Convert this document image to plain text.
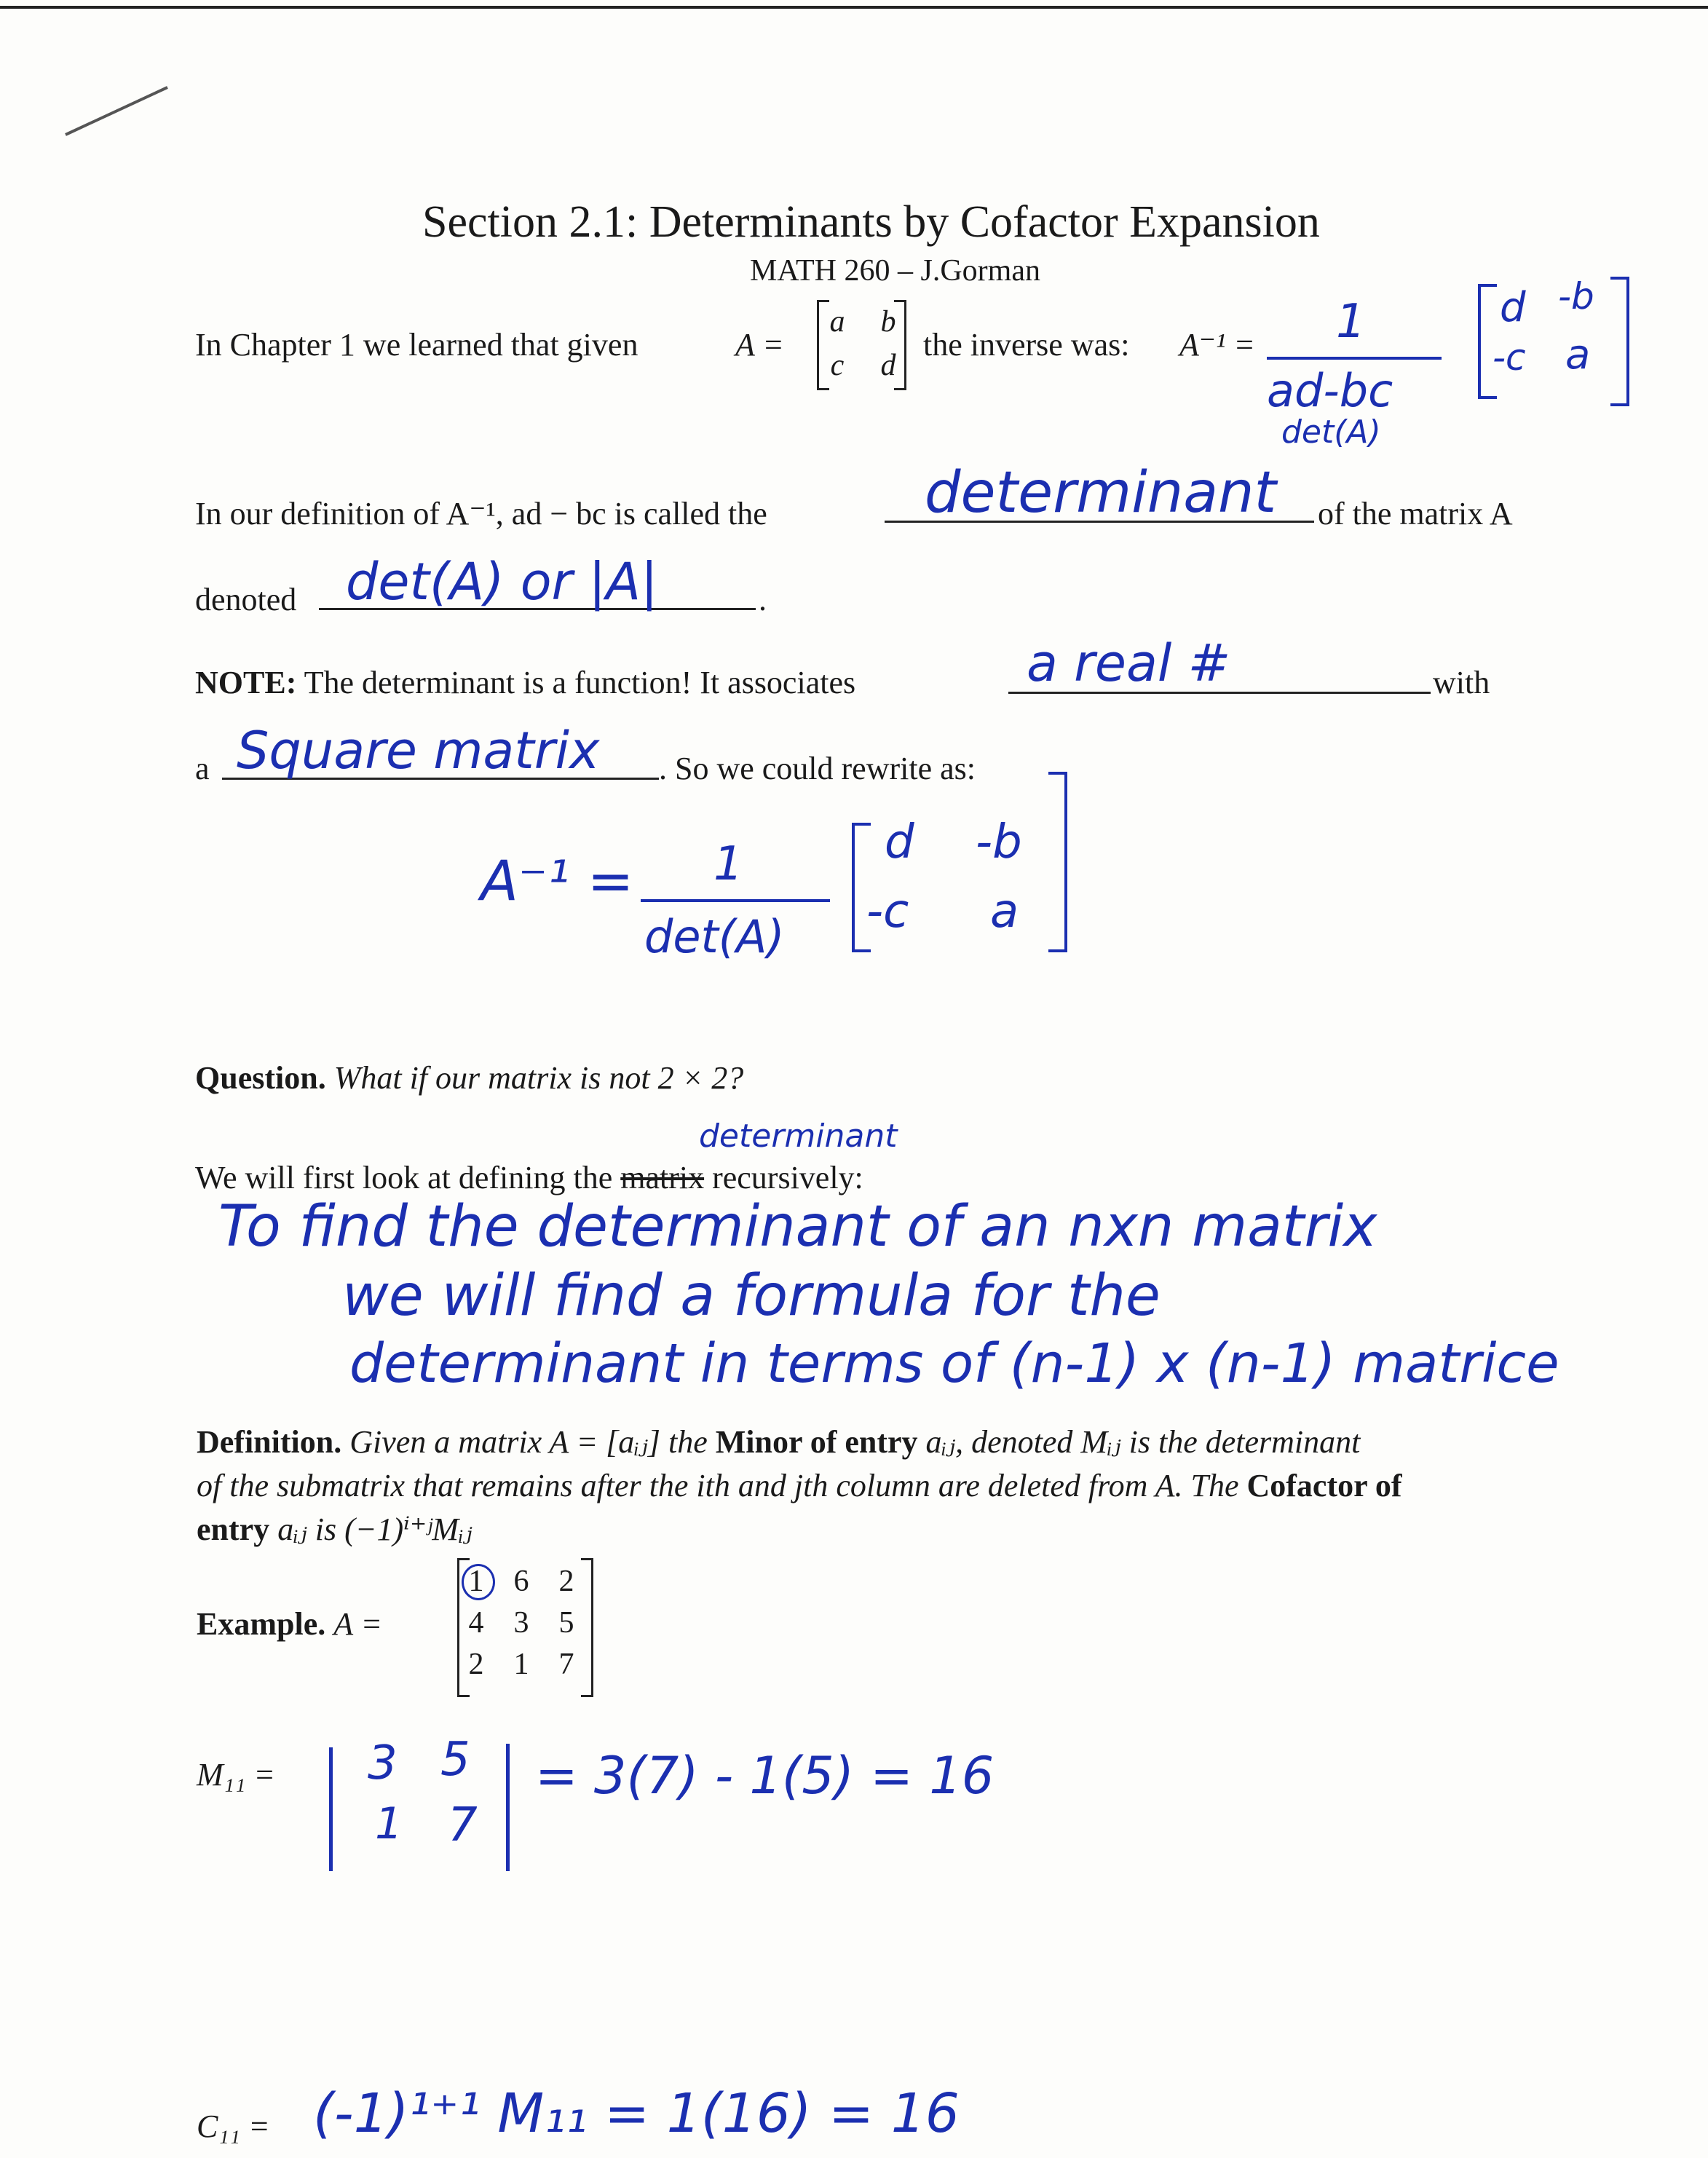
Section 2.1: Determinants by Cofactor Expansion
MATH 260 – J.Gorman
In Chapter 1 we learned that given	A =
a b
c d
the inverse was: A⁻¹ = 1
ad-bc
det(A)
d -b
-c a
In our definition of A⁻¹, ad − bc is called the	determinant of the matrix A
denoted det(A) or |A|	.
NOTE: The determinant is a function! It associates	a real #	with
a Square matrix . So we could rewrite as:
A⁻¹ = 1
det(A)
d -b
-c a
Question. What if our matrix is not 2 × 2?
determinant
We will first look at defining the matrix recursively:
To find the determinant of an nxn matrix
we will find a formula for the
determinant in terms of (n-1) x (n-1) matrice
Definition. Given a matrix A = [aᵢⱼ] the Minor of entry aᵢⱼ, denoted Mᵢⱼ is the determinant
of the submatrix that remains after the ith and jth column are deleted from A. The Cofactor of
entry aᵢⱼ is (−1)ⁱ⁺ʲMᵢⱼ
Example. A =
1 6 2
4 3 5
2 1 7
M₁₁ = 3 5
1 7
= 3(7) - 1(5) = 16
C₁₁ = (-1)¹⁺¹ M₁₁ = 1(16) = 16
